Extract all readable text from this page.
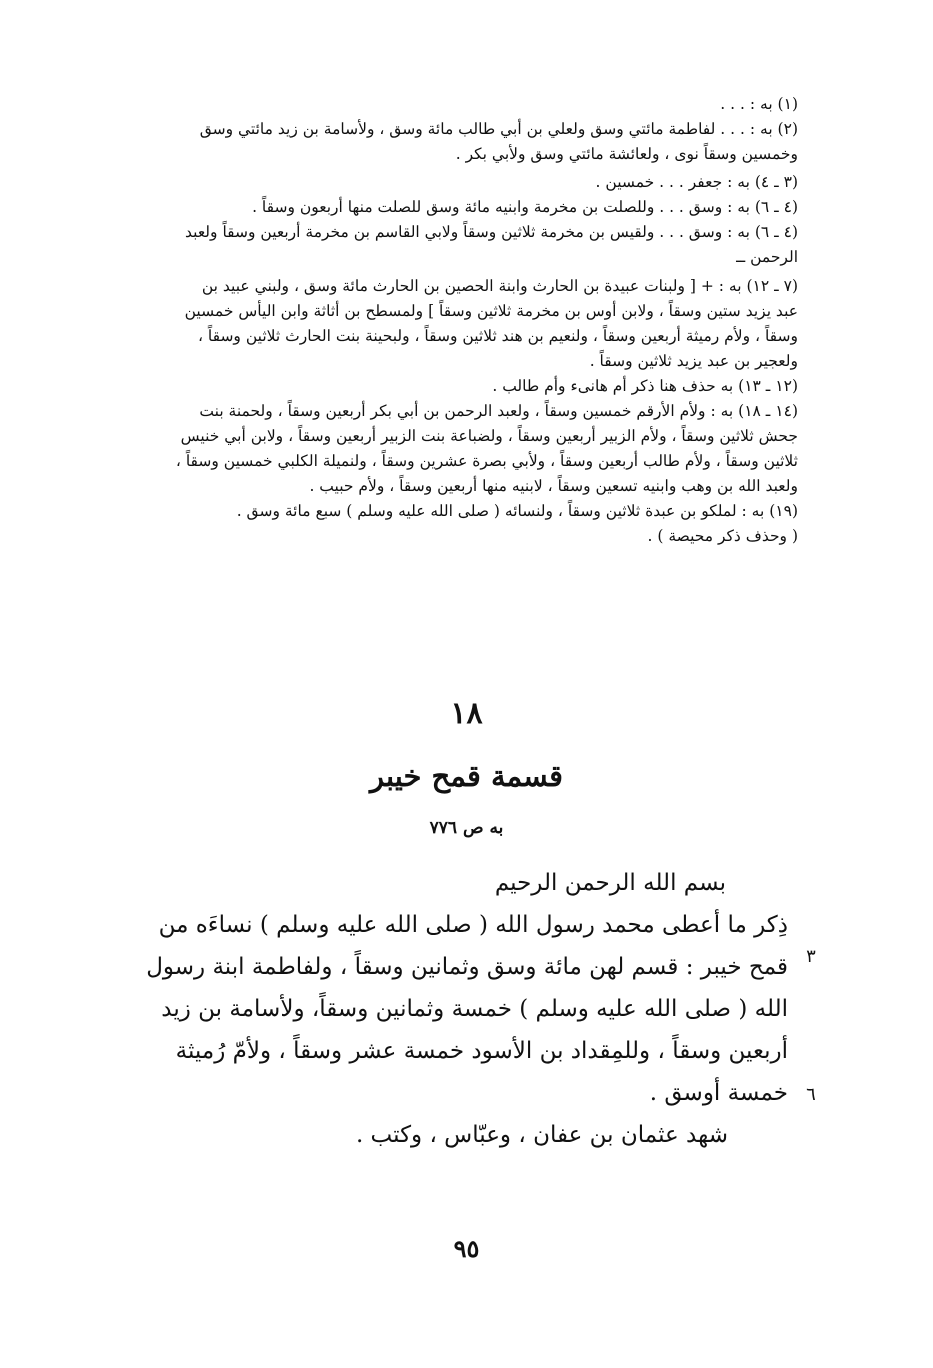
(١) به : . . .
(٢) به : . . . لفاطمة مائتي وسق ولعلي بن أبي طالب مائة وسق ، ولأسامة بن زيد مائتي وسق
وخمسين وسقاً نوى ، ولعائشة مائتي وسق ولأبي بكر .
(٣ ـ ٤) به : جعفر . . . خمسين .
(٤ ـ ٦) به : وسق . . . وللصلت بن مخرمة وابنيه مائة وسق للصلت منها أربعون وسقاً .
(٤ ـ ٦) به : وسق . . . ولقيس بن مخرمة ثلاثين وسقاً ولابي القاسم بن مخرمة أربعين وسقاً ولعبد
الرحمن ــ
(٧ ـ ١٢) به : + [ ولبنات عبيدة بن الحارث وابنة الحصين بن الحارث مائة وسق ، ولبني عبيد بن
عبد يزيد ستين وسقاً ، ولابن أوس بن مخرمة ثلاثين وسقاً ] ولمسطح بن أثاثة وابن اليأس خمسين
وسقاً ، ولأم رميثة أربعين وسقاً ، ولنعيم بن هند ثلاثين وسقاً ، ولبحينة بنت الحارث ثلاثين وسقاً ،
ولعجير بن عبد يزيد ثلاثين وسقاً .
(١٢ ـ ١٣) به حذف هنا ذكر أم هانىء وأم طالب .
(١٤ ـ ١٨) به : ولأم الأرقم خمسين وسقاً ، ولعبد الرحمن بن أبي بكر أربعين وسقاً ، ولحمنة بنت
جحش ثلاثين وسقاً ، ولأم الزبير أربعين وسقاً ، ولضباعة بنت الزبير أربعين وسقاً ، ولابن أبي خنيس
ثلاثين وسقاً ، ولأم طالب أربعين وسقاً ، ولأبي بصرة عشرين وسقاً ، ولنميلة الكلبي خمسين وسقاً ،
ولعبد الله بن وهب وابنيه تسعين وسقاً ، لابنيه منها أربعين وسقاً ، ولأم حبيب .
(١٩) به : لملكو بن عبدة ثلاثين وسقاً ، ولنسائه ( صلى الله عليه وسلم ) سبع مائة وسق .
( وحذف ذكر محيصة ) .
١٨
قسمة قمح خيبر
به ص ٧٧٦
بسم الله الرحمن الرحيم
ذِكر ما أعطى محمد رسول الله ( صلى الله عليه وسلم ) نساءَه من
قمح خيبر : قسم لهن مائة وسق وثمانين وسقاً ، ولفاطمة ابنة رسول
الله ( صلى الله عليه وسلم ) خمسة وثمانين وسقاً، ولأسامة بن زيد
أربعين وسقاً ، وللمِقداد بن الأسود خمسة عشر وسقاً ، ولأمّ رُميثة
خمسة أوسق .
شهد عثمان بن عفان ، وعبّاس ، وكتب .
٣
٦
٩٥
